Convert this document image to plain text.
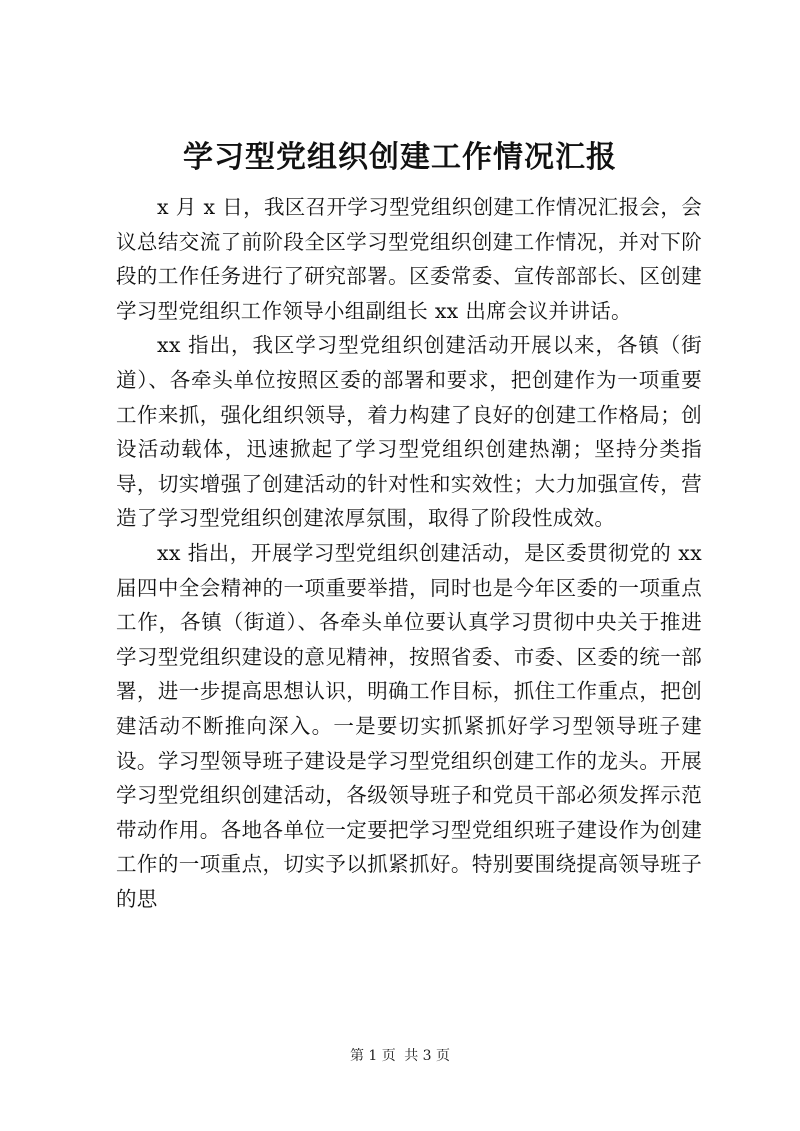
学习型党组织创建工作情况汇报

x 月 x 日，我区召开学习型党组织创建工作情况汇报会，会议总结交流了前阶段全区学习型党组织创建工作情况，并对下阶段的工作任务进行了研究部署。区委常委、宣传部部长、区创建学习型党组织工作领导小组副组长 xx 出席会议并讲话。

xx 指出，我区学习型党组织创建活动开展以来，各镇（街道）、各牵头单位按照区委的部署和要求，把创建作为一项重要工作来抓，强化组织领导，着力构建了良好的创建工作格局；创设活动载体，迅速掀起了学习型党组织创建热潮；坚持分类指导，切实增强了创建活动的针对性和实效性；大力加强宣传，营造了学习型党组织创建浓厚氛围，取得了阶段性成效。

xx 指出，开展学习型党组织创建活动，是区委贯彻党的 xx 届四中全会精神的一项重要举措，同时也是今年区委的一项重点工作，各镇（街道）、各牵头单位要认真学习贯彻中央关于推进学习型党组织建设的意见精神，按照省委、市委、区委的统一部署，进一步提高思想认识，明确工作目标，抓住工作重点，把创建活动不断推向深入。一是要切实抓紧抓好学习型领导班子建设。学习型领导班子建设是学习型党组织创建工作的龙头。开展学习型党组织创建活动，各级领导班子和党员干部必须发挥示范带动作用。各地各单位一定要把学习型党组织班子建设作为创建工作的一项重点，切实予以抓紧抓好。特别要围绕提高领导班子的思

第 1 页 共 3 页
